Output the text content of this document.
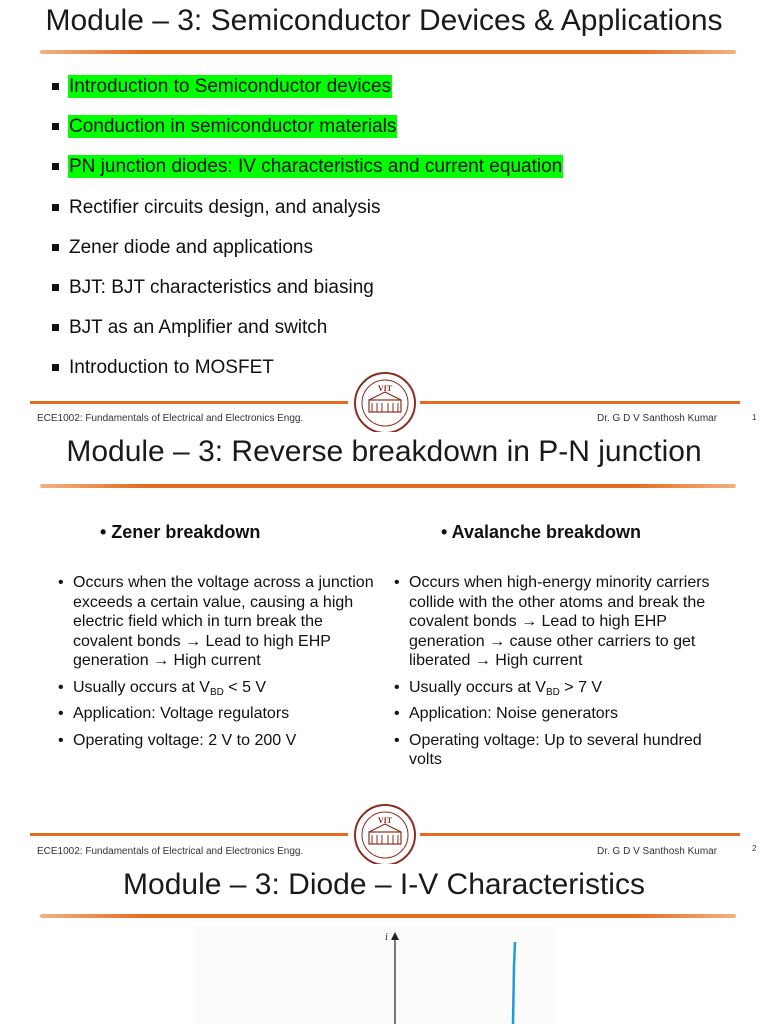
Module – 3: Semiconductor Devices & Applications
Introduction to Semiconductor devices
Conduction in semiconductor materials
PN junction diodes: IV characteristics and current equation
Rectifier circuits design, and analysis
Zener diode and applications
BJT: BJT characteristics and biasing
BJT as an Amplifier and switch
Introduction to MOSFET
VIT
ECE1002: Fundamentals of Electrical and Electronics Engg.	Dr. G D V Santhosh Kumar	1
Module – 3: Reverse breakdown in P-N junction
• Zener breakdown	• Avalanche breakdown
• Occurs when the voltage across a junction exceeds a certain value, causing a high electric field which in turn break the covalent bonds → Lead to high EHP generation → High current
• Usually occurs at $V_{BD} < 5$ V
• Application: Voltage regulators
• Operating voltage: 2 V to 200 V
• Occurs when high-energy minority carriers collide with the other atoms and break the covalent bonds → Lead to high EHP generation → cause other carriers to get liberated → High current
• Usually occurs at $V_{BD} > 7$ V
• Application: Noise generators
• Operating voltage: Up to several hundred volts
VIT
ECE1002: Fundamentals of Electrical and Electronics Engg.	Dr. G D V Santhosh Kumar	2
Module – 3: Diode – I-V Characteristics
i
